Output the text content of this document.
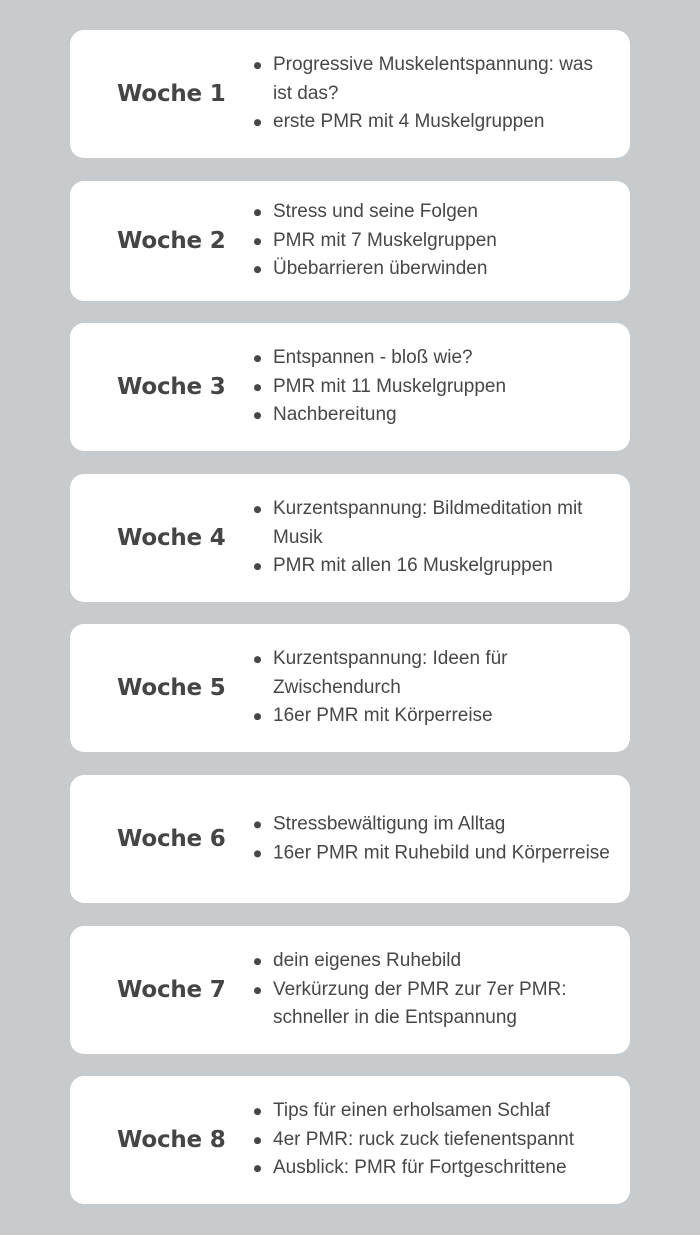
Woche 1
Progressive Muskelentspannung: was ist das?
erste PMR mit 4 Muskelgruppen
Woche 2
Stress und seine Folgen
PMR mit 7 Muskelgruppen
Übebarrieren überwinden
Woche 3
Entspannen - bloß wie?
PMR mit 11 Muskelgruppen
Nachbereitung
Woche 4
Kurzentspannung: Bildmeditation mit Musik
PMR mit allen 16 Muskelgruppen
Woche 5
Kurzentspannung: Ideen für Zwischendurch
16er PMR mit Körperreise
Woche 6
Stressbewältigung im Alltag
16er PMR mit Ruhebild und Körperreise
Woche 7
dein eigenes Ruhebild
Verkürzung der PMR zur 7er PMR: schneller in die Entspannung
Woche 8
Tips für einen erholsamen Schlaf
4er PMR: ruck zuck tiefenentspannt
Ausblick: PMR für Fortgeschrittene
